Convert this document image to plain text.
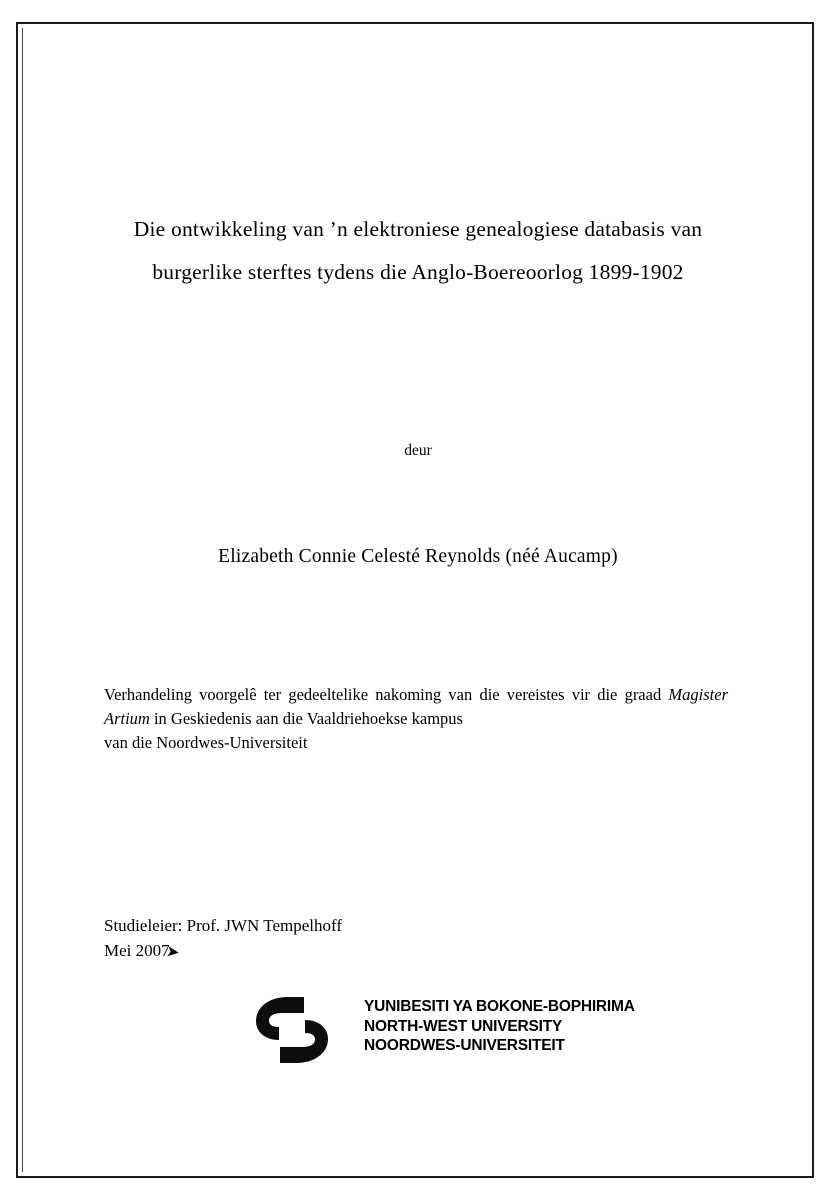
Die ontwikkeling van ’n elektroniese genealogiese databasis van
burgerlike sterftes tydens die Anglo-Boereoorlog 1899-1902
deur
Elizabeth Connie Celesté Reynolds (néé Aucamp)
Verhandeling voorgelê ter gedeeltelike nakoming van die vereistes vir die graad Magister Artium in Geskiedenis aan die Vaaldriehoekse kampus
van die Noordwes-Universiteit
Studieleier: Prof. JWN Tempelhoff
Mei 2007
➤
YUNIBESITI YA BOKONE-BOPHIRIMA
NORTH-WEST UNIVERSITY
NOORDWES-UNIVERSITEIT
